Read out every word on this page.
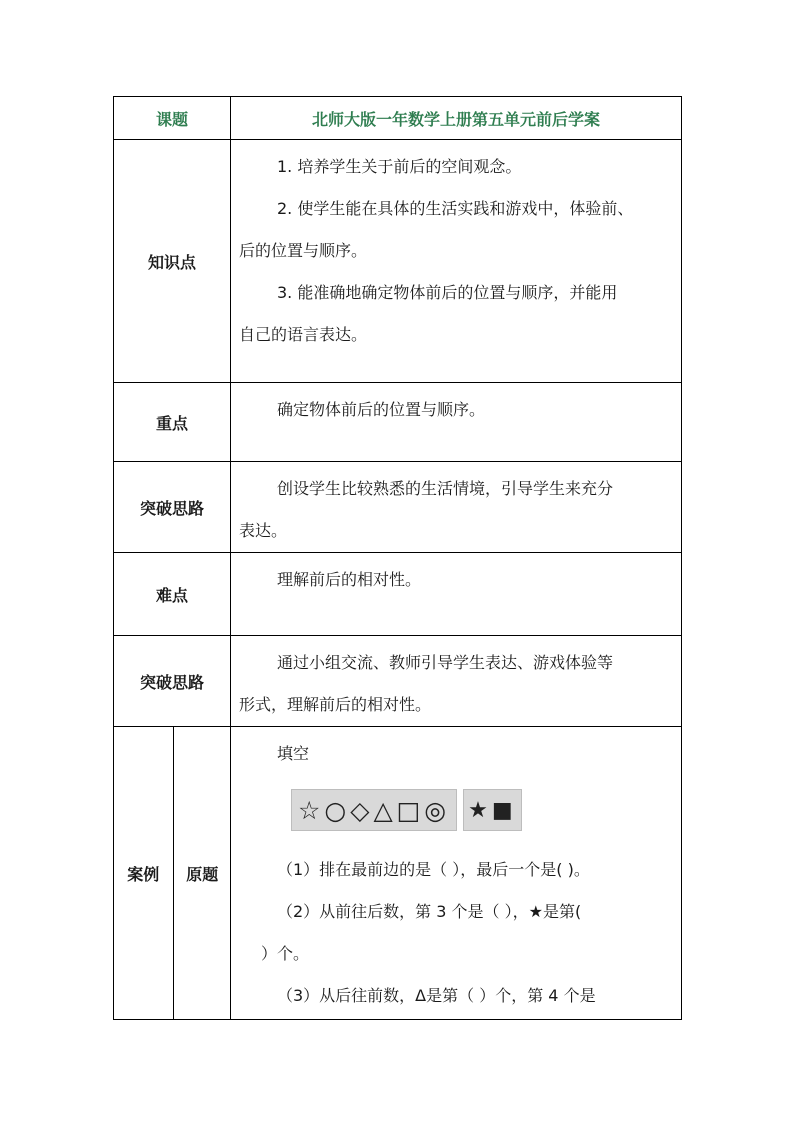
课题	北师大版一年数学上册第五单元前后学案
知识点	
1. 培养学生关于前后的空间观念。
2. 使学生能在具体的生活实践和游戏中，体验前、
后的位置与顺序。
3. 能准确地确定物体前后的位置与顺序，并能用
自己的语言表达。

重点	
确定物体前后的位置与顺序。

突破思路	
创设学生比较熟悉的生活情境，引导学生来充分
表达。

难点	
理解前后的相对性。

突破思路	
通过小组交流、教师引导学生表达、游戏体验等
形式，理解前后的相对性。

案例	原题

填空
☆○◇△□◎ ★■
（1）排在最前边的是（ ），最后一个是( )。
（2）从前往后数，第 3 个是（ ），★是第(
）个。
（3）从后往前数，Δ是第（ ）个，第 4 个是
